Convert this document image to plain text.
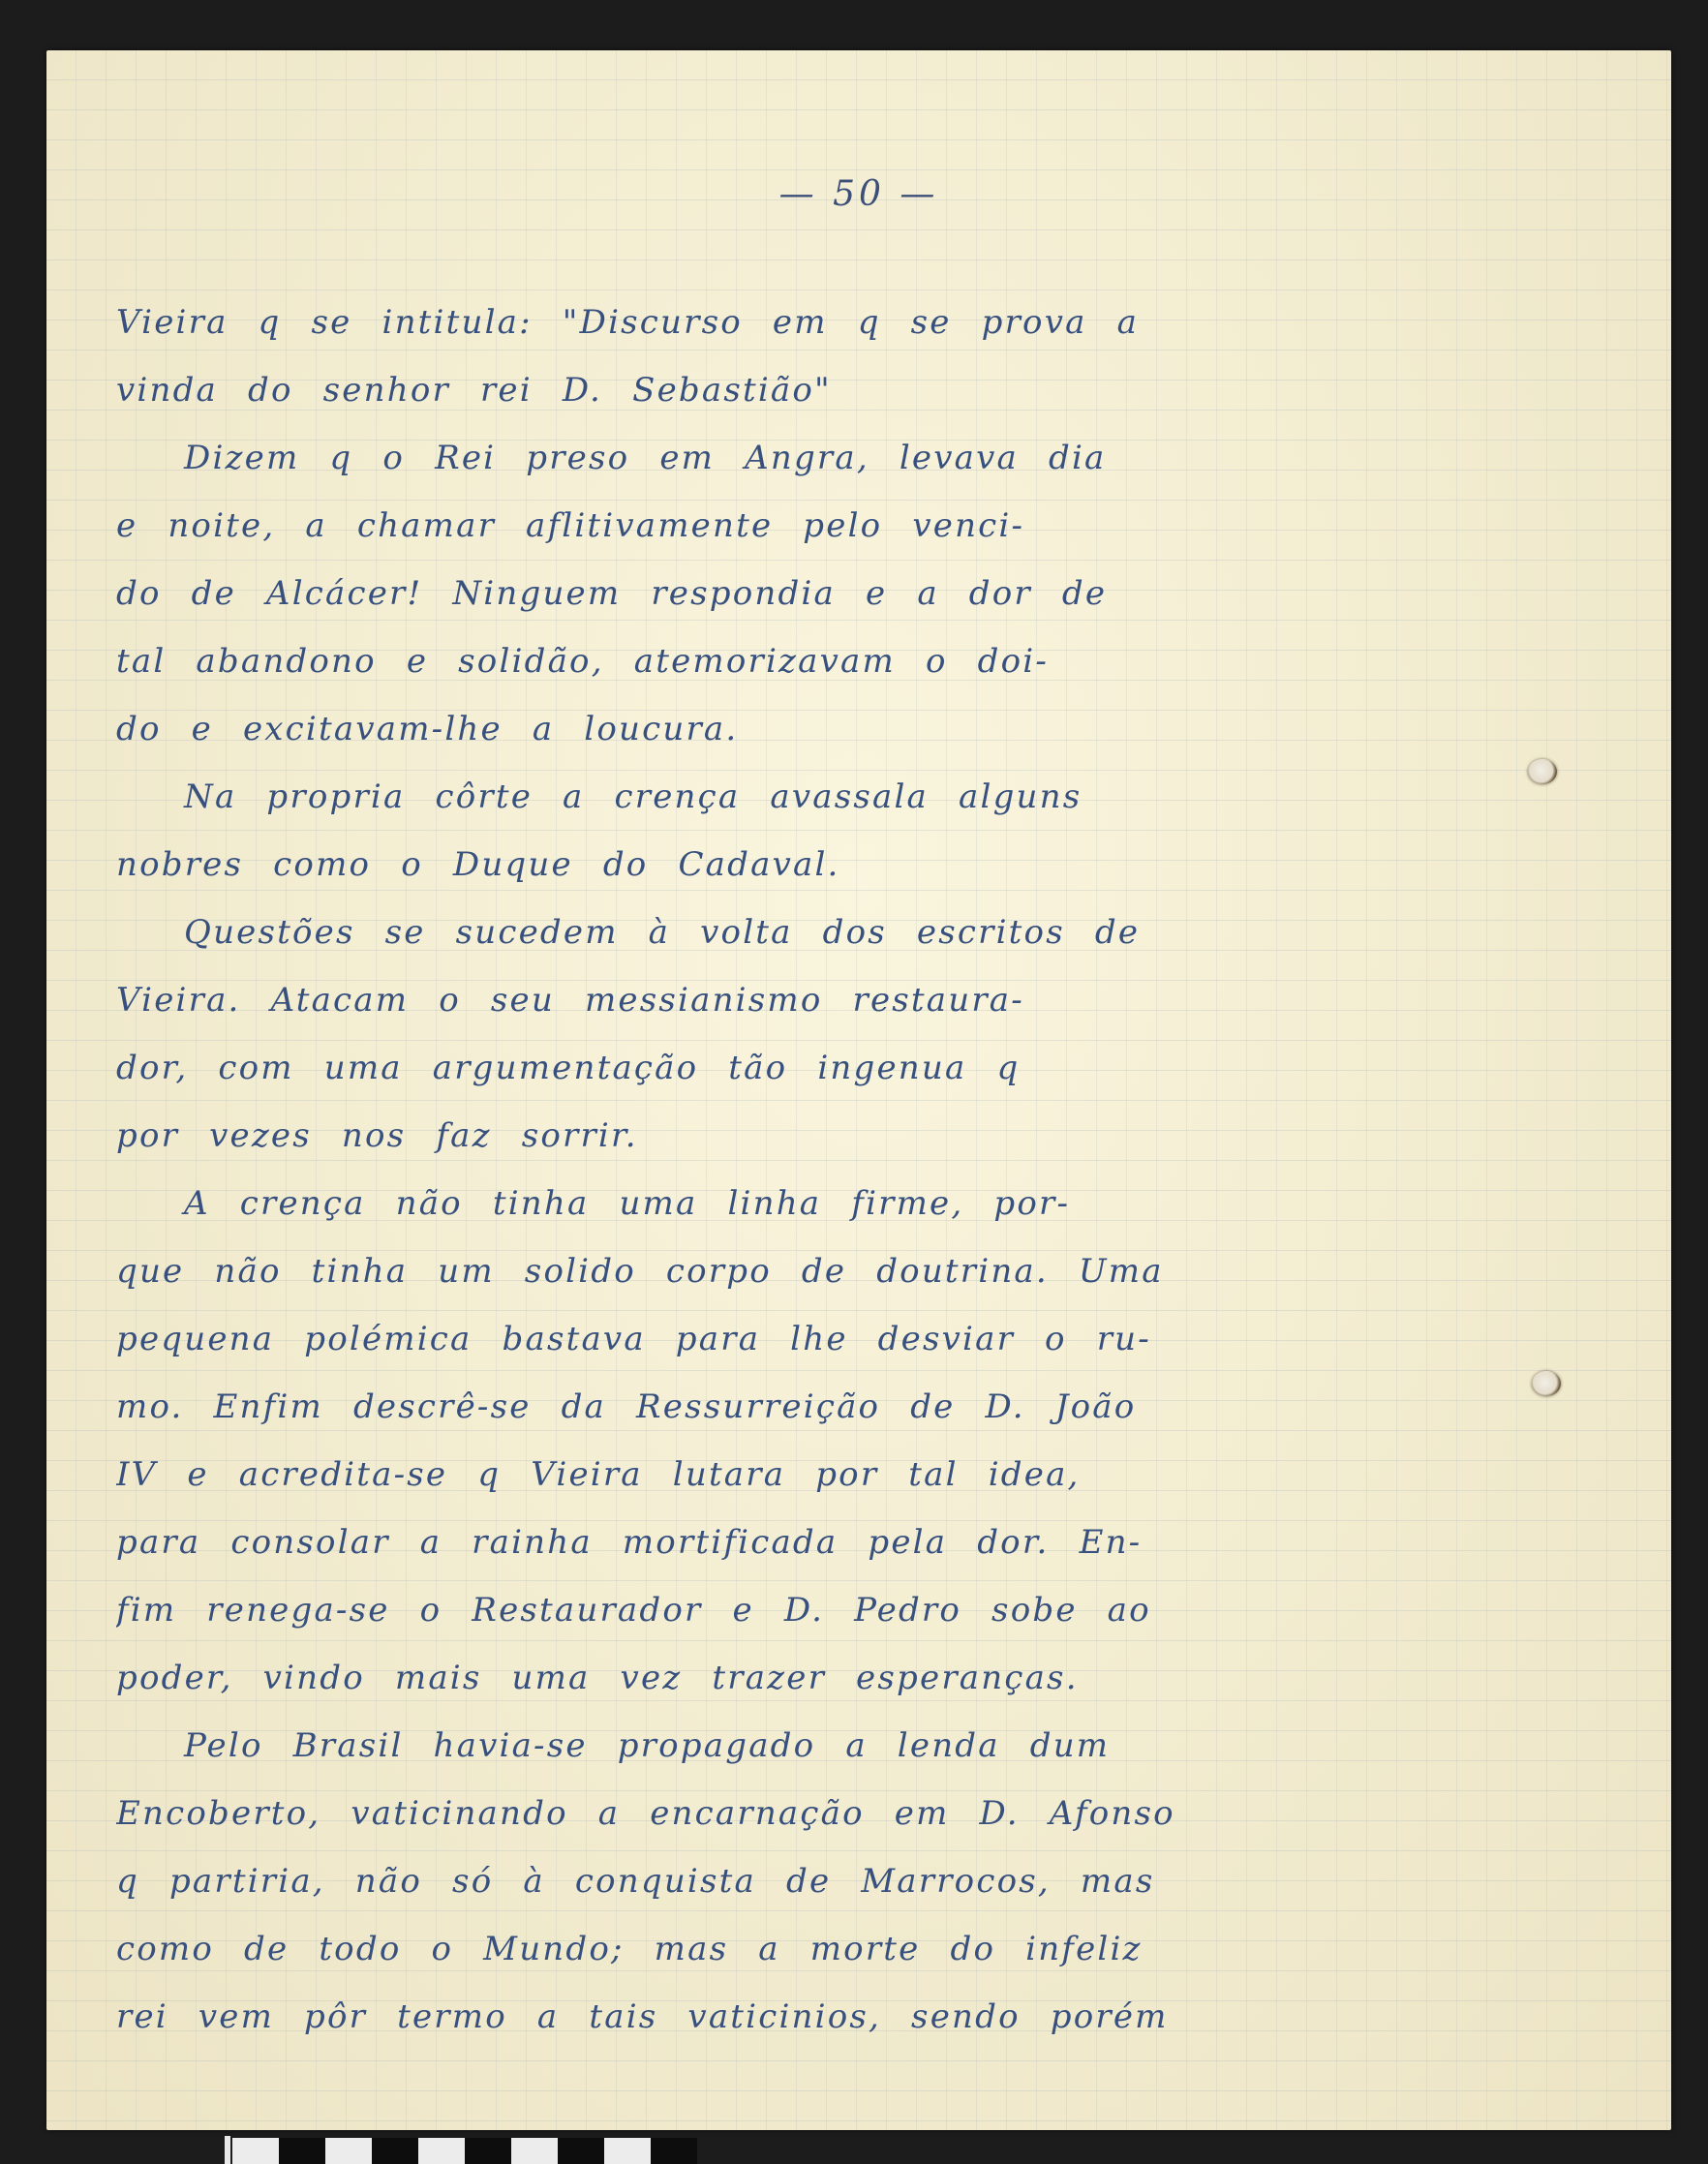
— 50 —
Vieira q se intitula: "Discurso em q se prova a
vinda do senhor rei D. Sebastião"
Dizem q o Rei preso em Angra, levava dia
e noite, a chamar aflitivamente pelo venci-
do de Alcácer! Ninguem respondia e a dor de
tal abandono e solidão, atemorizavam o doi-
do e excitavam-lhe a loucura.
Na propria côrte a crença avassala alguns
nobres como o Duque do Cadaval.
Questões se sucedem à volta dos escritos de
Vieira. Atacam o seu messianismo restaura-
dor, com uma argumentação tão ingenua q
por vezes nos faz sorrir.
A crença não tinha uma linha firme, por-
que não tinha um solido corpo de doutrina. Uma
pequena polémica bastava para lhe desviar o ru-
mo. Enfim descrê-se da Ressurreição de D. João
IV e acredita-se q Vieira lutara por tal idea,
para consolar a rainha mortificada pela dor. En-
fim renega-se o Restaurador e D. Pedro sobe ao
poder, vindo mais uma vez trazer esperanças.
Pelo Brasil havia-se propagado a lenda dum
Encoberto, vaticinando a encarnação em D. Afonso
q partiria, não só à conquista de Marrocos, mas
como de todo o Mundo; mas a morte do infeliz
rei vem pôr termo a tais vaticinios, sendo porém
